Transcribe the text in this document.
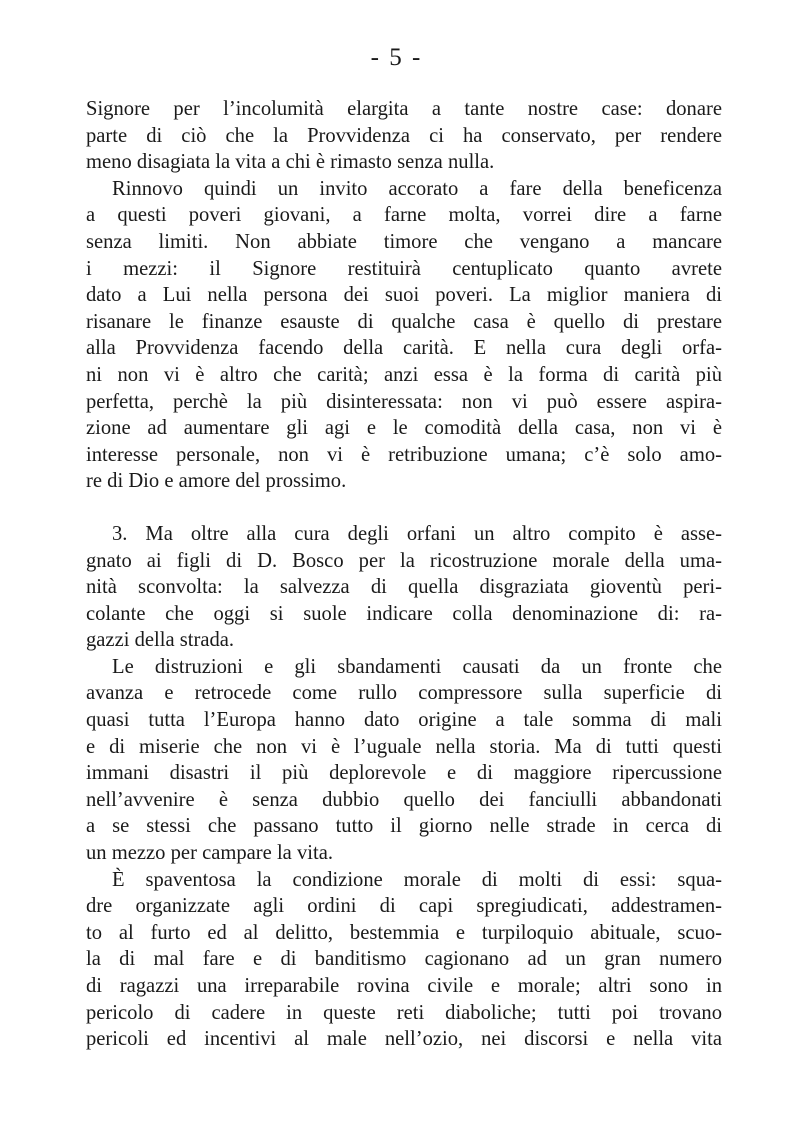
- 5 -

Signore per l’incolumità elargita a tante nostre case: donare
parte di ciò che la Provvidenza ci ha conservato, per rendere
meno disagiata la vita a chi è rimasto senza nulla.

Rinnovo quindi un invito accorato a fare della beneficenza
a questi poveri giovani, a farne molta, vorrei dire a farne
senza limiti. Non abbiate timore che vengano a mancare
i mezzi: il Signore restituirà centuplicato quanto avrete
dato a Lui nella persona dei suoi poveri. La miglior maniera di
risanare le finanze esauste di qualche casa è quello di prestare
alla Provvidenza facendo della carità. E nella cura degli orfa-
ni non vi è altro che carità; anzi essa è la forma di carità più
perfetta, perchè la più disinteressata: non vi può essere aspira-
zione ad aumentare gli agi e le comodità della casa, non vi è
interesse personale, non vi è retribuzione umana; c’è solo amo-
re di Dio e amore del prossimo.

3. Ma oltre alla cura degli orfani un altro compito è asse-
gnato ai figli di D. Bosco per la ricostruzione morale della uma-
nità sconvolta: la salvezza di quella disgraziata gioventù peri-
colante che oggi si suole indicare colla denominazione di: ra-
gazzi della strada.

Le distruzioni e gli sbandamenti causati da un fronte che
avanza e retrocede come rullo compressore sulla superficie di
quasi tutta l’Europa hanno dato origine a tale somma di mali
e di miserie che non vi è l’uguale nella storia. Ma di tutti questi
immani disastri il più deplorevole e di maggiore ripercussione
nell’avvenire è senza dubbio quello dei fanciulli abbandonati
a se stessi che passano tutto il giorno nelle strade in cerca di
un mezzo per campare la vita.

È spaventosa la condizione morale di molti di essi: squa-
dre organizzate agli ordini di capi spregiudicati, addestramen-
to al furto ed al delitto, bestemmia e turpiloquio abituale, scuo-
la di mal fare e di banditismo cagionano ad un gran numero
di ragazzi una irreparabile rovina civile e morale; altri sono in
pericolo di cadere in queste reti diaboliche; tutti poi trovano
pericoli ed incentivi al male nell’ozio, nei discorsi e nella vita
